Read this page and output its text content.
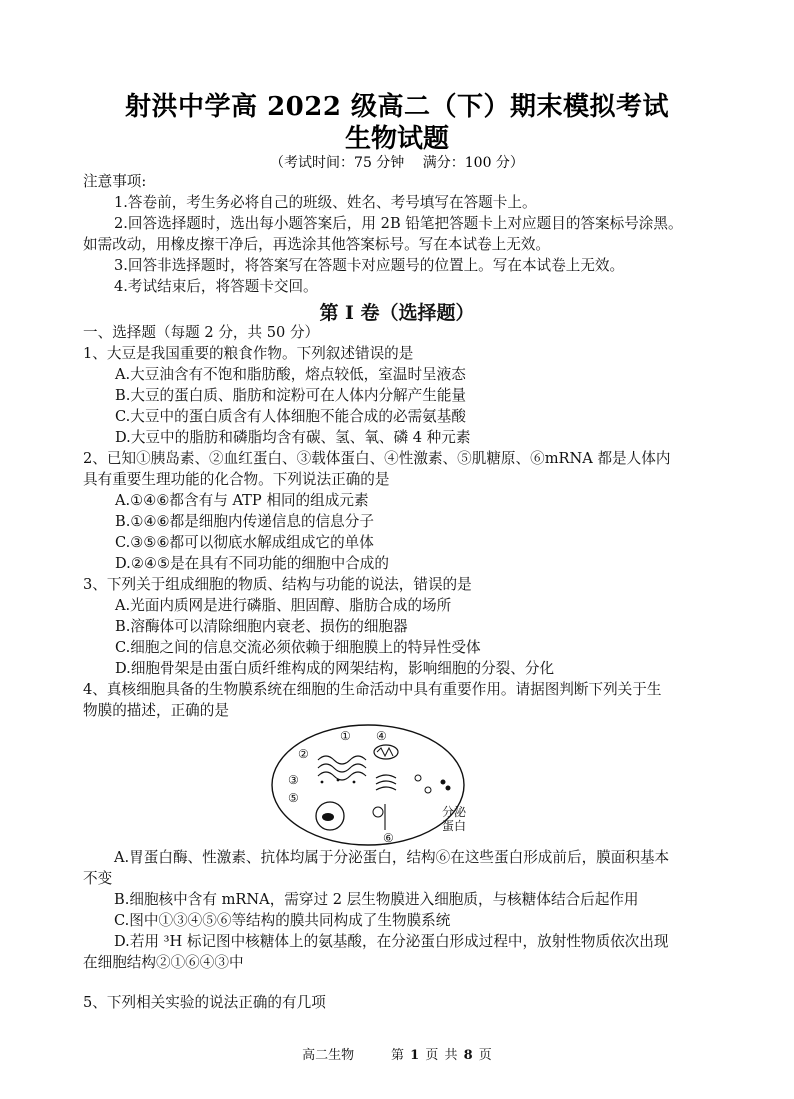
射洪中学高 2022 级高二（下）期末模拟考试
生物试题
（考试时间：75 分钟　 满分：100 分）
注意事项:
1.答卷前，考生务必将自己的班级、姓名、考号填写在答题卡上。
2.回答选择题时，选出每小题答案后，用 2B 铅笔把答题卡上对应题目的答案标号涂黑。
如需改动，用橡皮擦干净后，再选涂其他答案标号。写在本试卷上无效。
3.回答非选择题时，将答案写在答题卡对应题号的位置上。写在本试卷上无效。
4.考试结束后，将答题卡交回。
第 I 卷（选择题）
一、选择题（每题 2 分，共 50 分）
1、大豆是我国重要的粮食作物。下列叙述错误的是
A.大豆油含有不饱和脂肪酸，熔点较低，室温时呈液态
B.大豆的蛋白质、脂肪和淀粉可在人体内分解产生能量
C.大豆中的蛋白质含有人体细胞不能合成的必需氨基酸
D.大豆中的脂肪和磷脂均含有碳、氢、氧、磷 4 种元素
2、已知①胰岛素、②血红蛋白、③载体蛋白、④性激素、⑤肌糖原、⑥mRNA 都是人体内
具有重要生理功能的化合物。下列说法正确的是
A.①④⑥都含有与 ATP 相同的组成元素
B.①④⑥都是细胞内传递信息的信息分子
C.③⑤⑥都可以彻底水解成组成它的单体
D.②④⑤是在具有不同功能的细胞中合成的
3、下列关于组成细胞的物质、结构与功能的说法，错误的是
A.光面内质网是进行磷脂、胆固醇、脂肪合成的场所
B.溶酶体可以清除细胞内衰老、损伤的细胞器
C.细胞之间的信息交流必须依赖于细胞膜上的特异性受体
D.细胞骨架是由蛋白质纤维构成的网架结构，影响细胞的分裂、分化
4、真核细胞具备的生物膜系统在细胞的生命活动中具有重要作用。请据图判断下列关于生
物膜的描述，正确的是
① ④
②
③
⑤
⑥
分泌
蛋白
A.胃蛋白酶、性激素、抗体均属于分泌蛋白，结构⑥在这些蛋白形成前后，膜面积基本
不变
B.细胞核中含有 mRNA，需穿过 2 层生物膜进入细胞质，与核糖体结合后起作用
C.图中①③④⑤⑥等结构的膜共同构成了生物膜系统
D.若用 ³H 标记图中核糖体上的氨基酸，在分泌蛋白形成过程中，放射性物质依次出现
在细胞结构②①⑥④③中
5、下列相关实验的说法正确的有几项
高二生物	第 1 页 共 8 页
